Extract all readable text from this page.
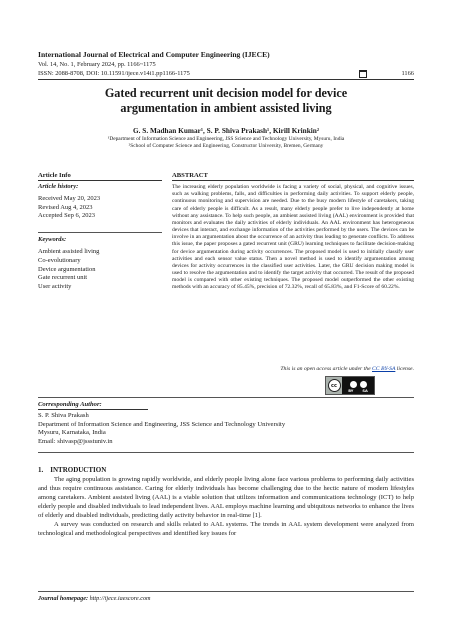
International Journal of Electrical and Computer Engineering (IJECE)
Vol. 14, No. 1, February 2024, pp. 1166~1175
ISSN: 2088-8708, DOI: 10.11591/ijece.v14i1.pp1166-1175	1166
Gated recurrent unit decision model for device
argumentation in ambient assisted living
G. S. Madhan Kumar¹, S. P. Shiva Prakash¹, Kirill Krinkin²
¹Department of Information Science and Engineering, JSS Science and Technology University, Mysuru, India
²School of Computer Science and Engineering, Constructor University, Bremen, Germany
Article Info	ABSTRACT
Article history:
Received May 20, 2023
Revised Aug 4, 2023
Accepted Sep 6, 2023
Keywords:
Ambient assisted living
Co-evolutionary
Device argumentation
Gate recurrent unit
User activity
The increasing elderly population worldwide is facing a variety of social, physical, and cognitive issues, such as walking problems, falls, and difficulties in performing daily activities. To support elderly people, continuous monitoring and supervision are needed. Due to the busy modern lifestyle of caretakers, taking care of elderly people is difficult. As a result, many elderly people prefer to live independently at home without any assistance. To help such people, an ambient assisted living (AAL) environment is provided that monitors and evaluates the daily activities of elderly individuals. An AAL environment has heterogeneous devices that interact, and exchange information of the activities performed by the users. The devices can be involve in an argumentation about the occurrence of an activity thus leading to generate conflicts. To address this issue, the paper proposes a gated recurrent unit (GRU) learning techniques to facilitate decision-making for device argumentation during activity occurrences. The proposed model is used to initially classify user activities and each sensor value status. Then a novel method is used to identify argumentation among devices for activity occurrences in the classified user activities. Later, the GRU decision making model is used to resolve the argumentation and to identify the target activity that occurred. The result of the proposed model is compared with other existing techniques. The proposed model outperformed the other existing methods with an accuracy of 85.45%, precision of 72.32%, recall of 65.83%, and F1-Score of 60.22%.
This is an open access article under the CC BY-SA license.
cc
BY	SA
Corresponding Author:
S. P. Shiva Prakash
Department of Information Science and Engineering, JSS Science and Technology University
Mysuru, Karnataka, India
Email: shivasp@jssstuniv.in
1.    INTRODUCTION

The aging population is growing rapidly worldwide, and elderly people living alone face various problems to performing daily activities and thus require continuous assistance. Caring for elderly individuals has become challenging due to the hectic nature of modern lifestyles among caretakers. Ambient assisted living (AAL) is a viable solution that utilizes information and communications technology (ICT) to help elderly people and disabled individuals to lead independent lives. AAL employs machine learning and ubiquitous networks to enhance the lives of elderly and disabled individuals, predicting daily activity behavior in real-time [1].

A survey was conducted on research and skills related to AAL systems. The trends in AAL system development were analyzed from technological and methodological perspectives and identified key issues for

Journal homepage: http://ijece.iaescore.com
